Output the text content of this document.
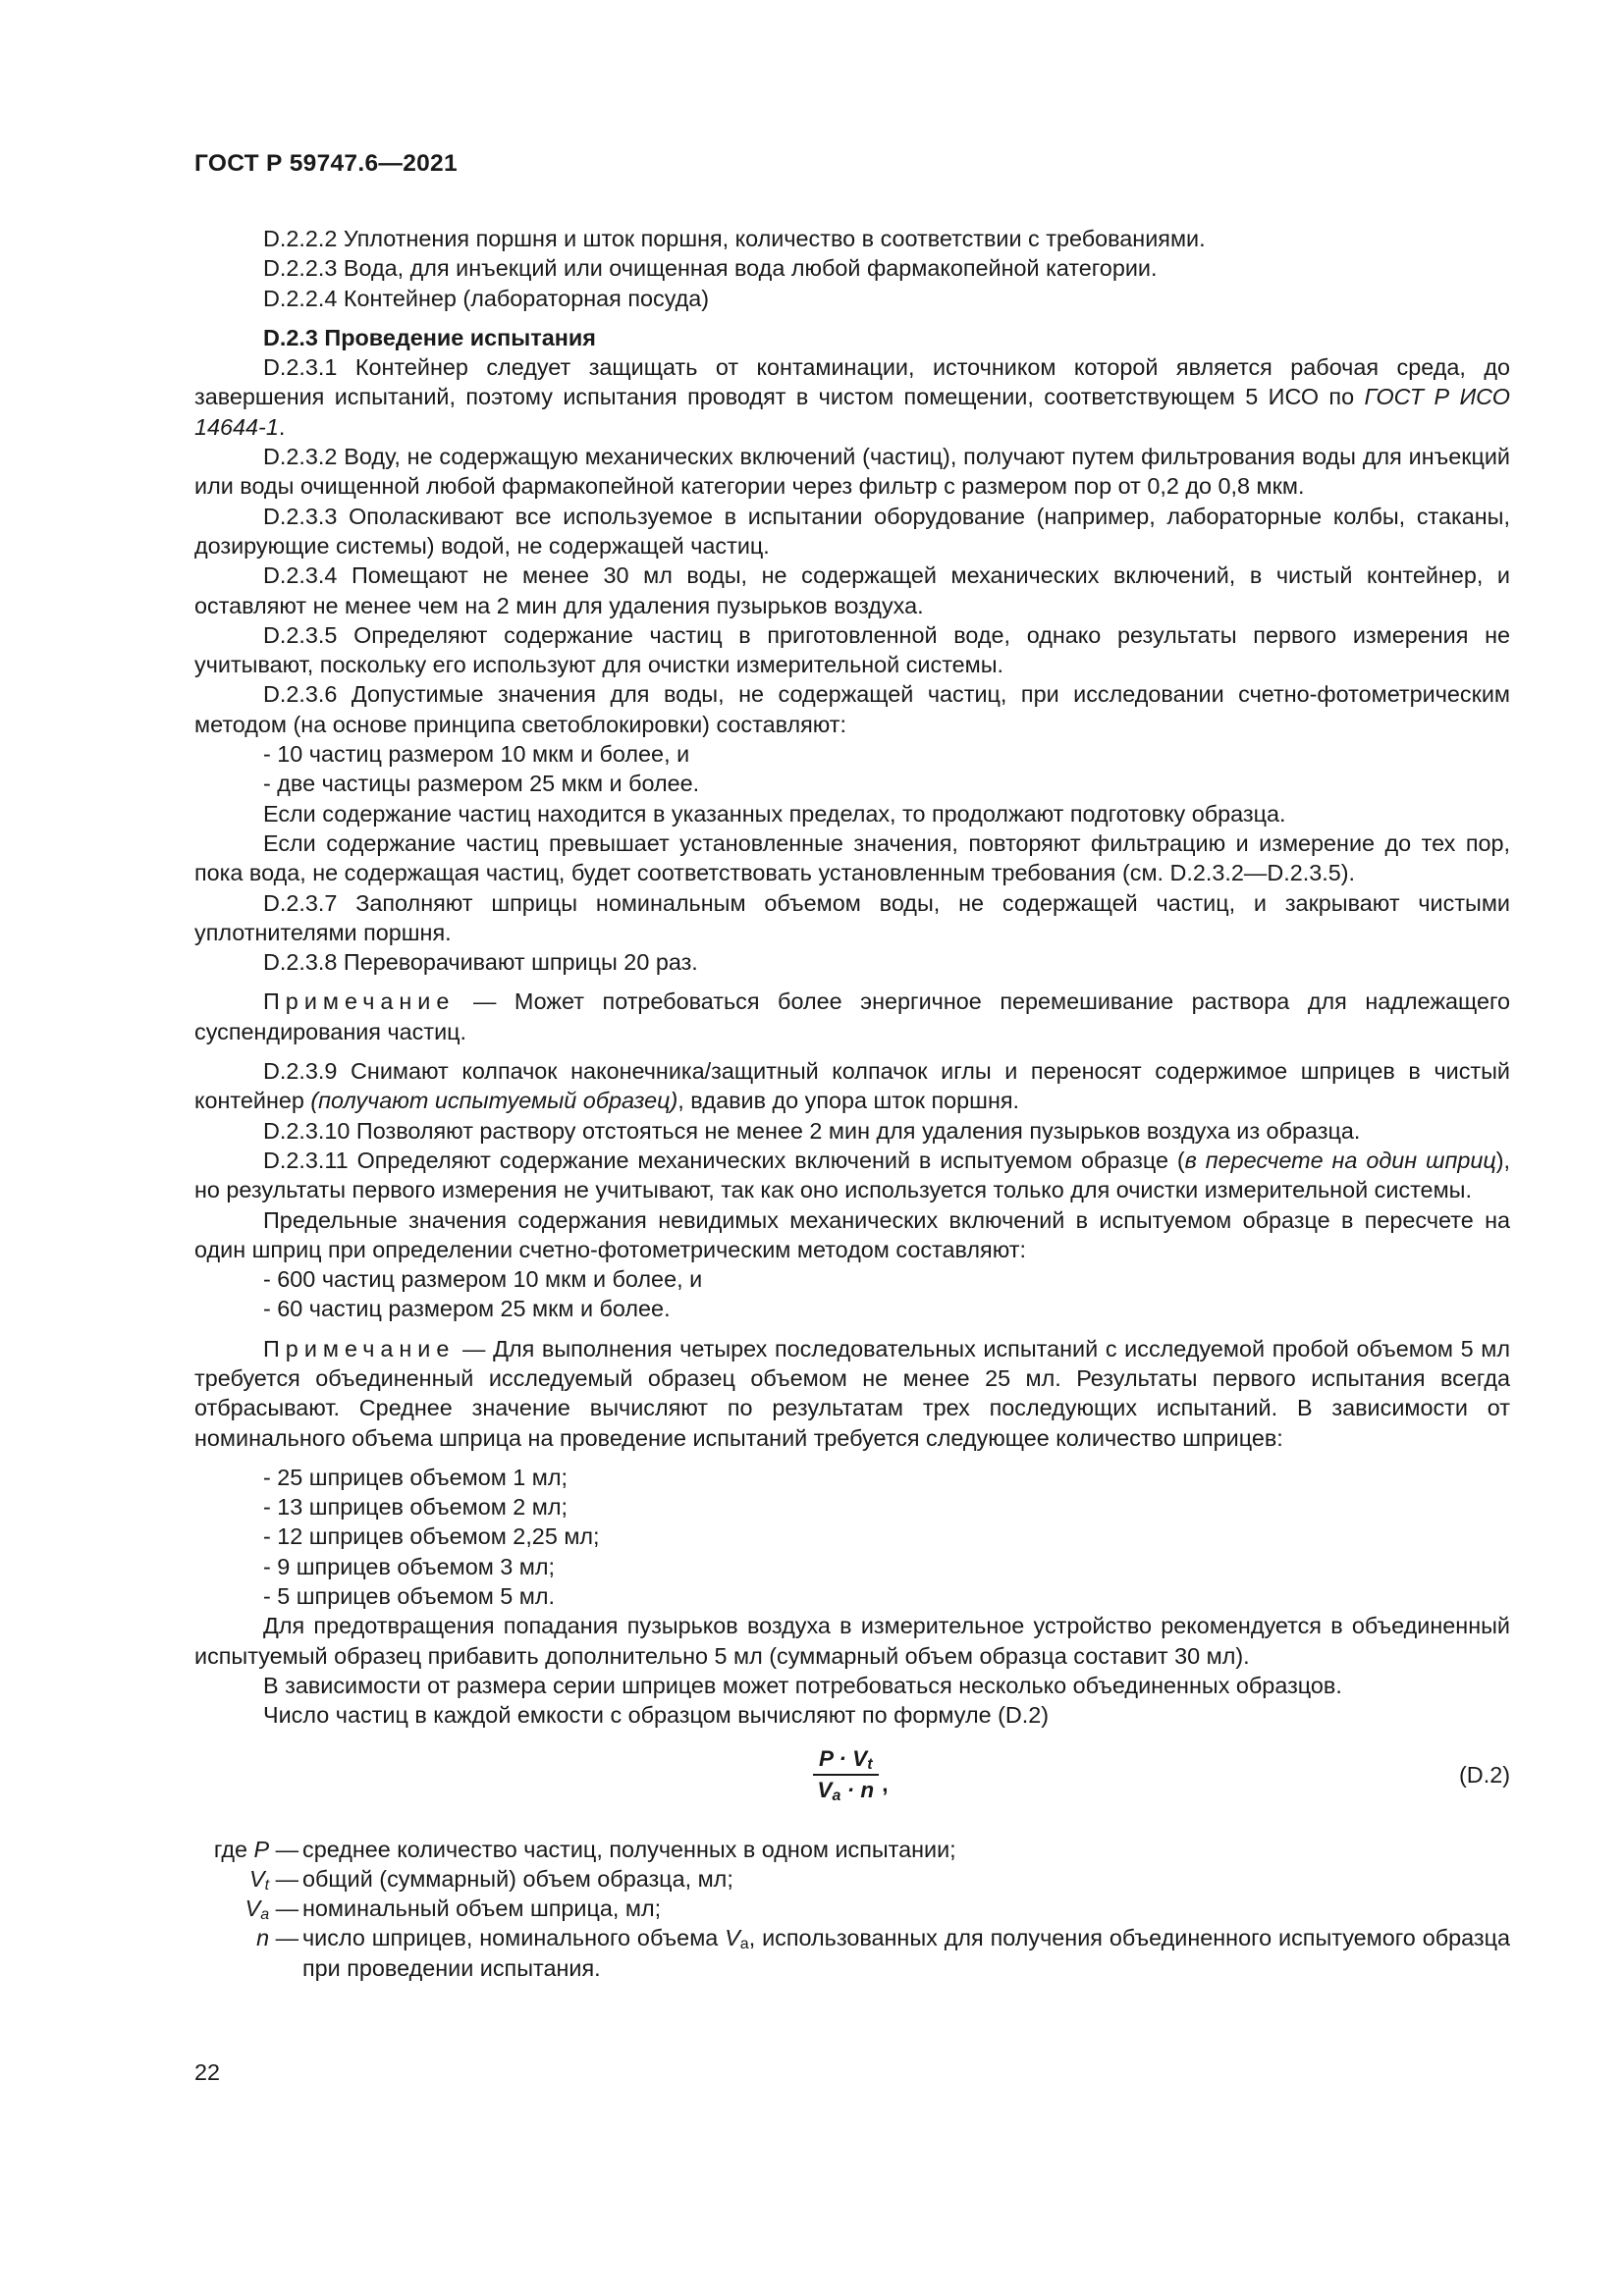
ГОСТ Р 59747.6—2021

D.2.2.2 Уплотнения поршня и шток поршня, количество в соответствии с требованиями.

D.2.2.3 Вода, для инъекций или очищенная вода любой фармакопейной категории.

D.2.2.4 Контейнер (лабораторная посуда)

D.2.3 Проведение испытания

D.2.3.1 Контейнер следует защищать от контаминации, источником которой является рабочая среда, до завершения испытаний, поэтому испытания проводят в чистом помещении, соответствующем 5 ИСО по ГОСТ Р ИСО 14644-1.

D.2.3.2 Воду, не содержащую механических включений (частиц), получают путем фильтрования воды для инъекций или воды очищенной любой фармакопейной категории через фильтр с размером пор от 0,2 до 0,8 мкм.

D.2.3.3 Ополаскивают все используемое в испытании оборудование (например, лабораторные колбы, стаканы, дозирующие системы) водой, не содержащей частиц.

D.2.3.4 Помещают не менее 30 мл воды, не содержащей механических включений, в чистый контейнер, и оставляют не менее чем на 2 мин для удаления пузырьков воздуха.

D.2.3.5 Определяют содержание частиц в приготовленной воде, однако результаты первого измерения не учитывают, поскольку его используют для очистки измерительной системы.

D.2.3.6 Допустимые значения для воды, не содержащей частиц, при исследовании счетно-фотометрическим методом (на основе принципа светоблокировки) составляют:

- 10 частиц размером 10 мкм и более, и

- две частицы размером 25 мкм и более.

Если содержание частиц находится в указанных пределах, то продолжают подготовку образца.

Если содержание частиц превышает установленные значения, повторяют фильтрацию и измерение до тех пор, пока вода, не содержащая частиц, будет соответствовать установленным требования (см. D.2.3.2—D.2.3.5).

D.2.3.7 Заполняют шприцы номинальным объемом воды, не содержащей частиц, и закрывают чистыми уплотнителями поршня.

D.2.3.8 Переворачивают шприцы 20 раз.

Примечание — Может потребоваться более энергичное перемешивание раствора для надлежащего суспендирования частиц.

D.2.3.9 Снимают колпачок наконечника/защитный колпачок иглы и переносят содержимое шприцев в чистый контейнер (получают испытуемый образец), вдавив до упора шток поршня.

D.2.3.10 Позволяют раствору отстояться не менее 2 мин для удаления пузырьков воздуха из образца.

D.2.3.11 Определяют содержание механических включений в испытуемом образце (в пересчете на один шприц), но результаты первого измерения не учитывают, так как оно используется только для очистки измерительной системы.

Предельные значения содержания невидимых механических включений в испытуемом образце в пересчете на один шприц при определении счетно-фотометрическим методом составляют:

- 600 частиц размером 10 мкм и более, и

- 60 частиц размером 25 мкм и более.

Примечание — Для выполнения четырех последовательных испытаний с исследуемой пробой объемом 5 мл требуется объединенный исследуемый образец объемом не менее 25 мл. Результаты первого испытания всегда отбрасывают. Среднее значение вычисляют по результатам трех последующих испытаний. В зависимости от номинального объема шприца на проведение испытаний требуется следующее количество шприцев:

- 25 шприцев объемом 1 мл;

- 13 шприцев объемом 2 мл;

- 12 шприцев объемом 2,25 мл;

- 9 шприцев объемом 3 мл;

- 5 шприцев объемом 5 мл.

Для предотвращения попадания пузырьков воздуха в измерительное устройство рекомендуется в объединенный испытуемый образец прибавить дополнительно 5 мл (суммарный объем образца составит 30 мл).

В зависимости от размера серии шприцев может потребоваться несколько объединенных образцов.

Число частиц в каждой емкости с образцом вычисляют по формуле (D.2)

$P \cdot V_t$
$V_a \cdot n$ ,	(D.2)
где P — среднее количество частиц, полученных в одном испытании;
$V_t$ — общий (суммарный) объем образца, мл;
$V_a$ — номинальный объем шприца, мл;
n — число шприцев, номинального объема $V_a$, использованных для получения объединенного испытуемого образца при проведении испытания.
22
